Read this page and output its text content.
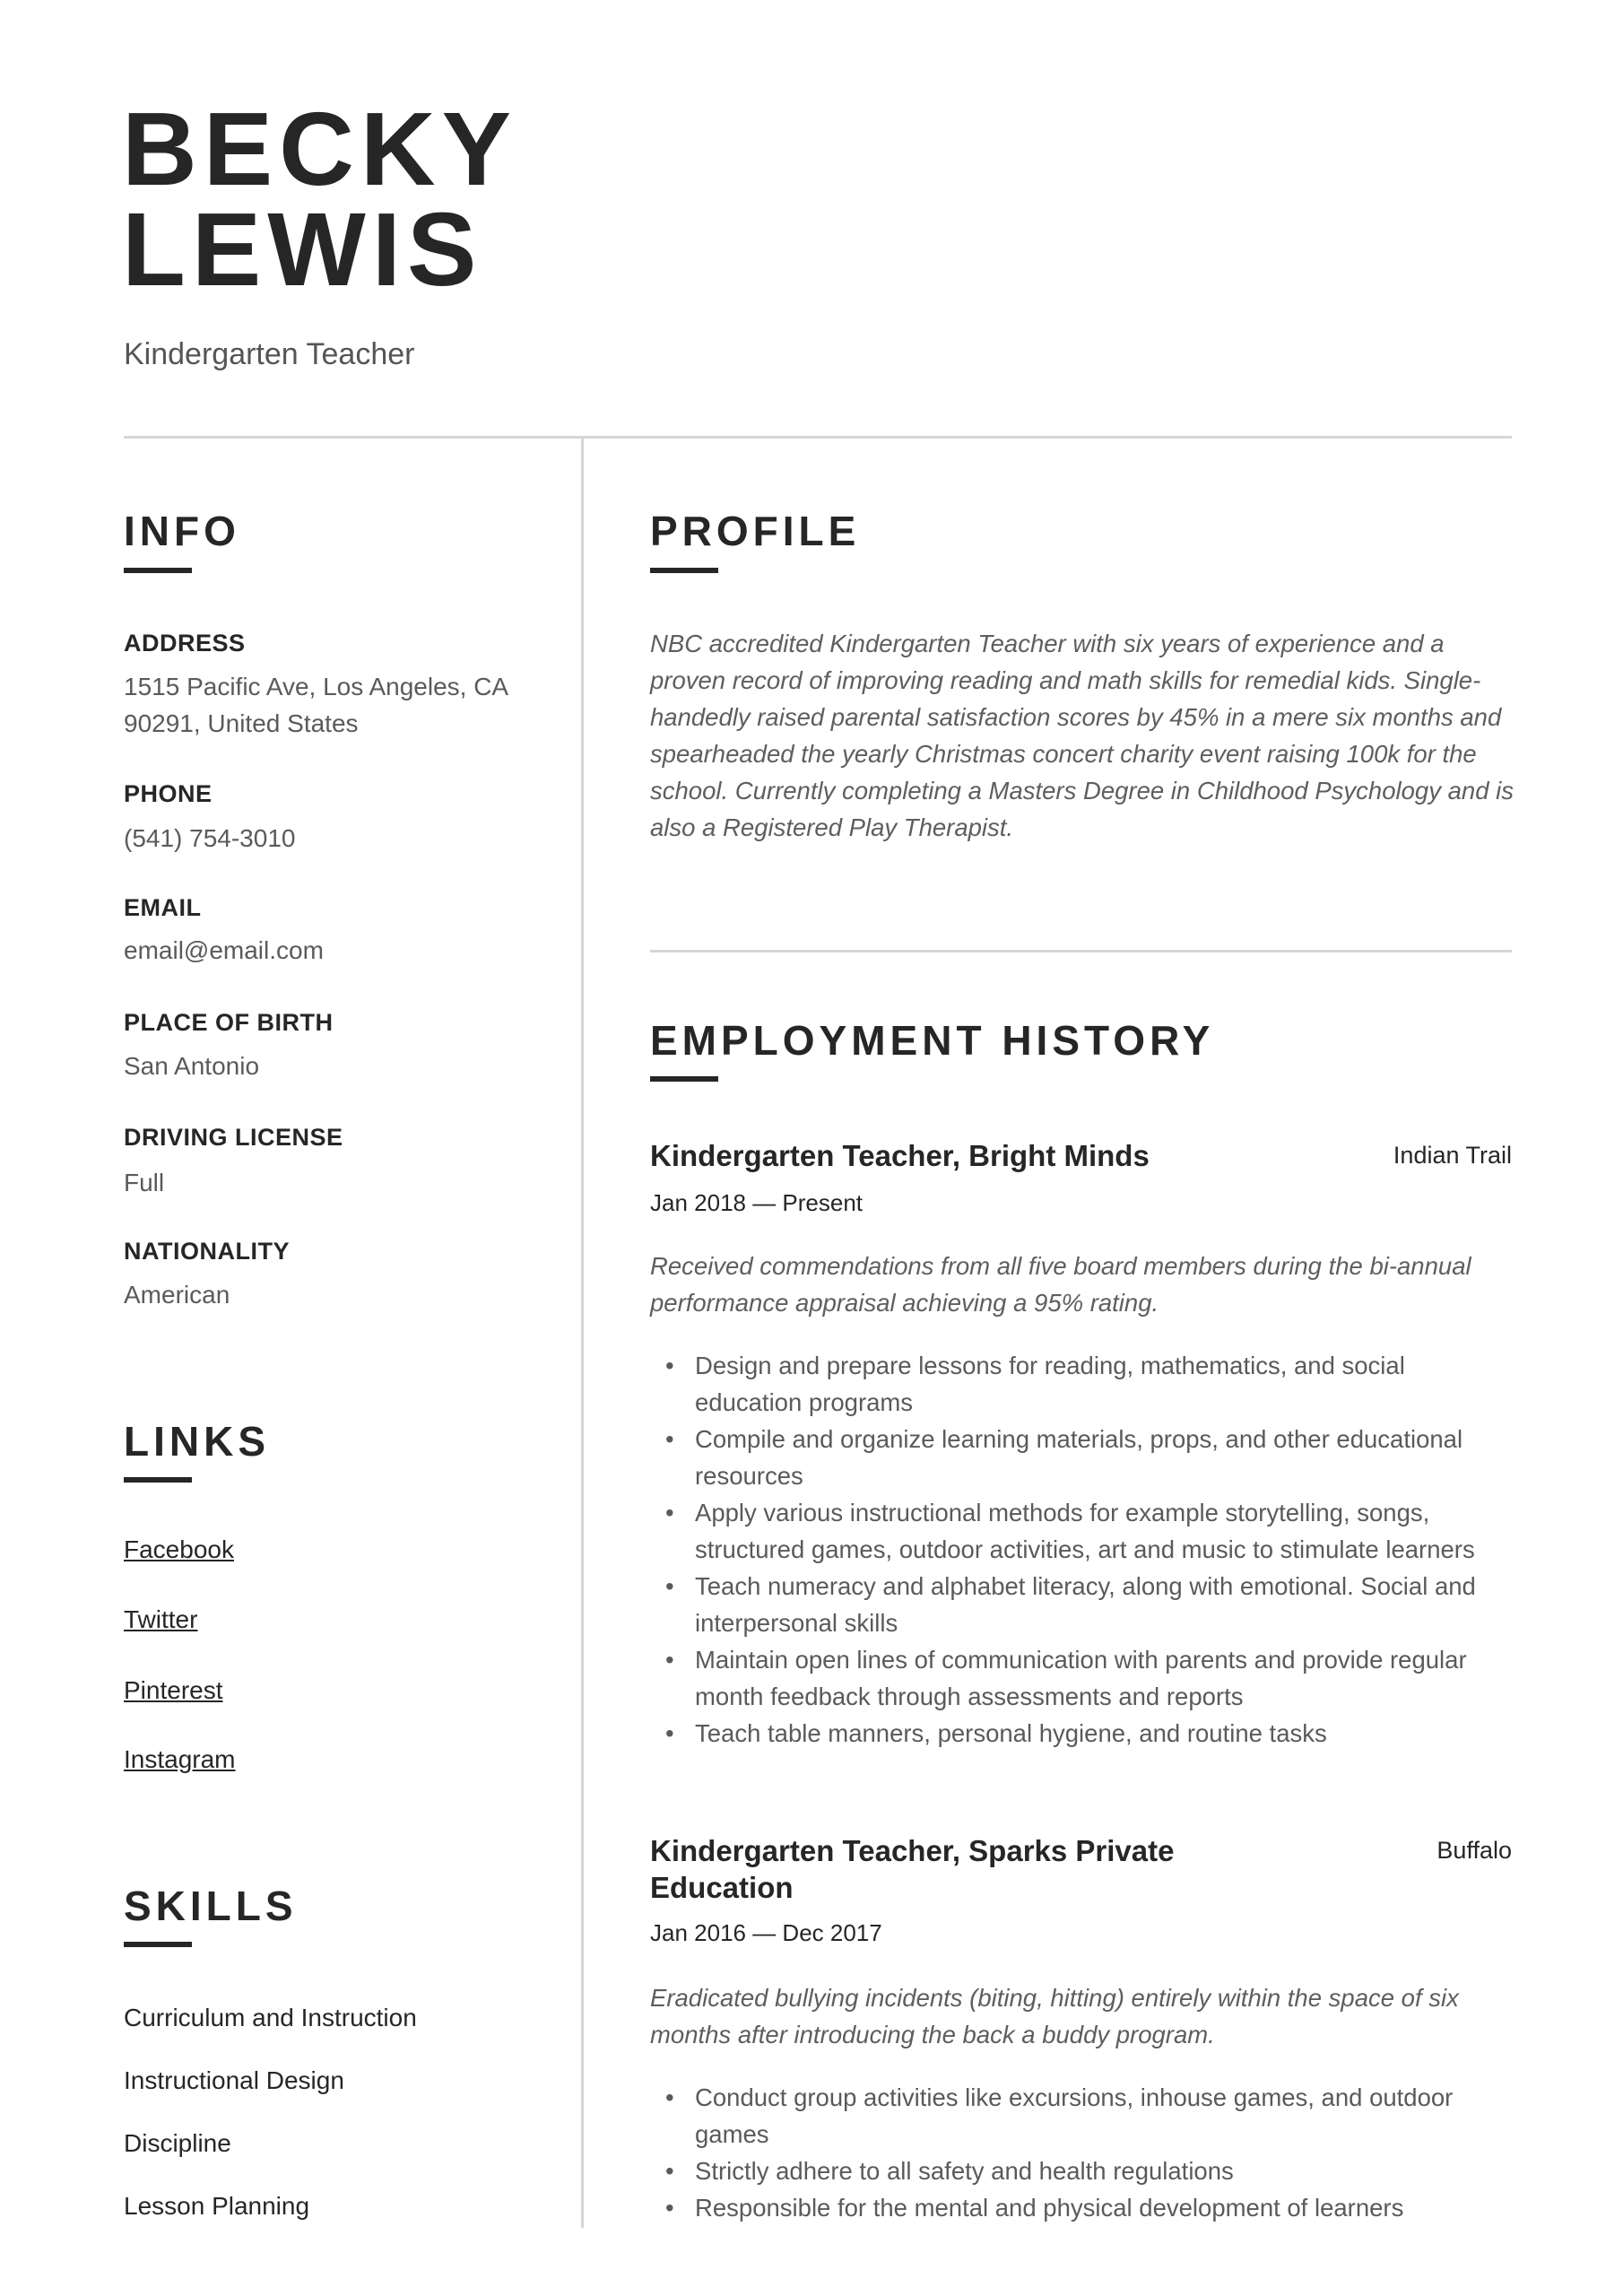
BECKY
LEWIS
Kindergarten Teacher
INFO
ADDRESS
1515 Pacific Ave, Los Angeles, CA
90291, United States
PHONE
(541) 754-3010
EMAIL
email@email.com
PLACE OF BIRTH
San Antonio
DRIVING LICENSE
Full
NATIONALITY
American
LINKS
Facebook
Twitter
Pinterest
Instagram
SKILLS
Curriculum and Instruction
Instructional Design
Discipline
Lesson Planning
PROFILE
NBC accredited Kindergarten Teacher with six years of experience and a proven record of improving reading and math skills for remedial kids. Single-handedly raised parental satisfaction scores by 45% in a mere six months and spearheaded the yearly Christmas concert charity event raising 100k for the school. Currently completing a Masters Degree in Childhood Psychology and is also a Registered Play Therapist.
EMPLOYMENT HISTORY
Kindergarten Teacher, Bright Minds	Indian Trail
Jan 2018 — Present
Received commendations from all five board members during the bi-annual performance appraisal achieving a 95% rating.
• Design and prepare lessons for reading, mathematics, and social education programs
• Compile and organize learning materials, props, and other educational resources
• Apply various instructional methods for example storytelling, songs, structured games, outdoor activities, art and music to stimulate learners
• Teach numeracy and alphabet literacy, along with emotional. Social and interpersonal skills
• Maintain open lines of communication with parents and provide regular month feedback through assessments and reports
• Teach table manners, personal hygiene, and routine tasks
Kindergarten Teacher, Sparks Private
Education
Buffalo
Jan 2016 — Dec 2017
Eradicated bullying incidents (biting, hitting) entirely within the space of six months after introducing the back a buddy program.
• Conduct group activities like excursions, inhouse games, and outdoor games
• Strictly adhere to all safety and health regulations
• Responsible for the mental and physical development of learners
